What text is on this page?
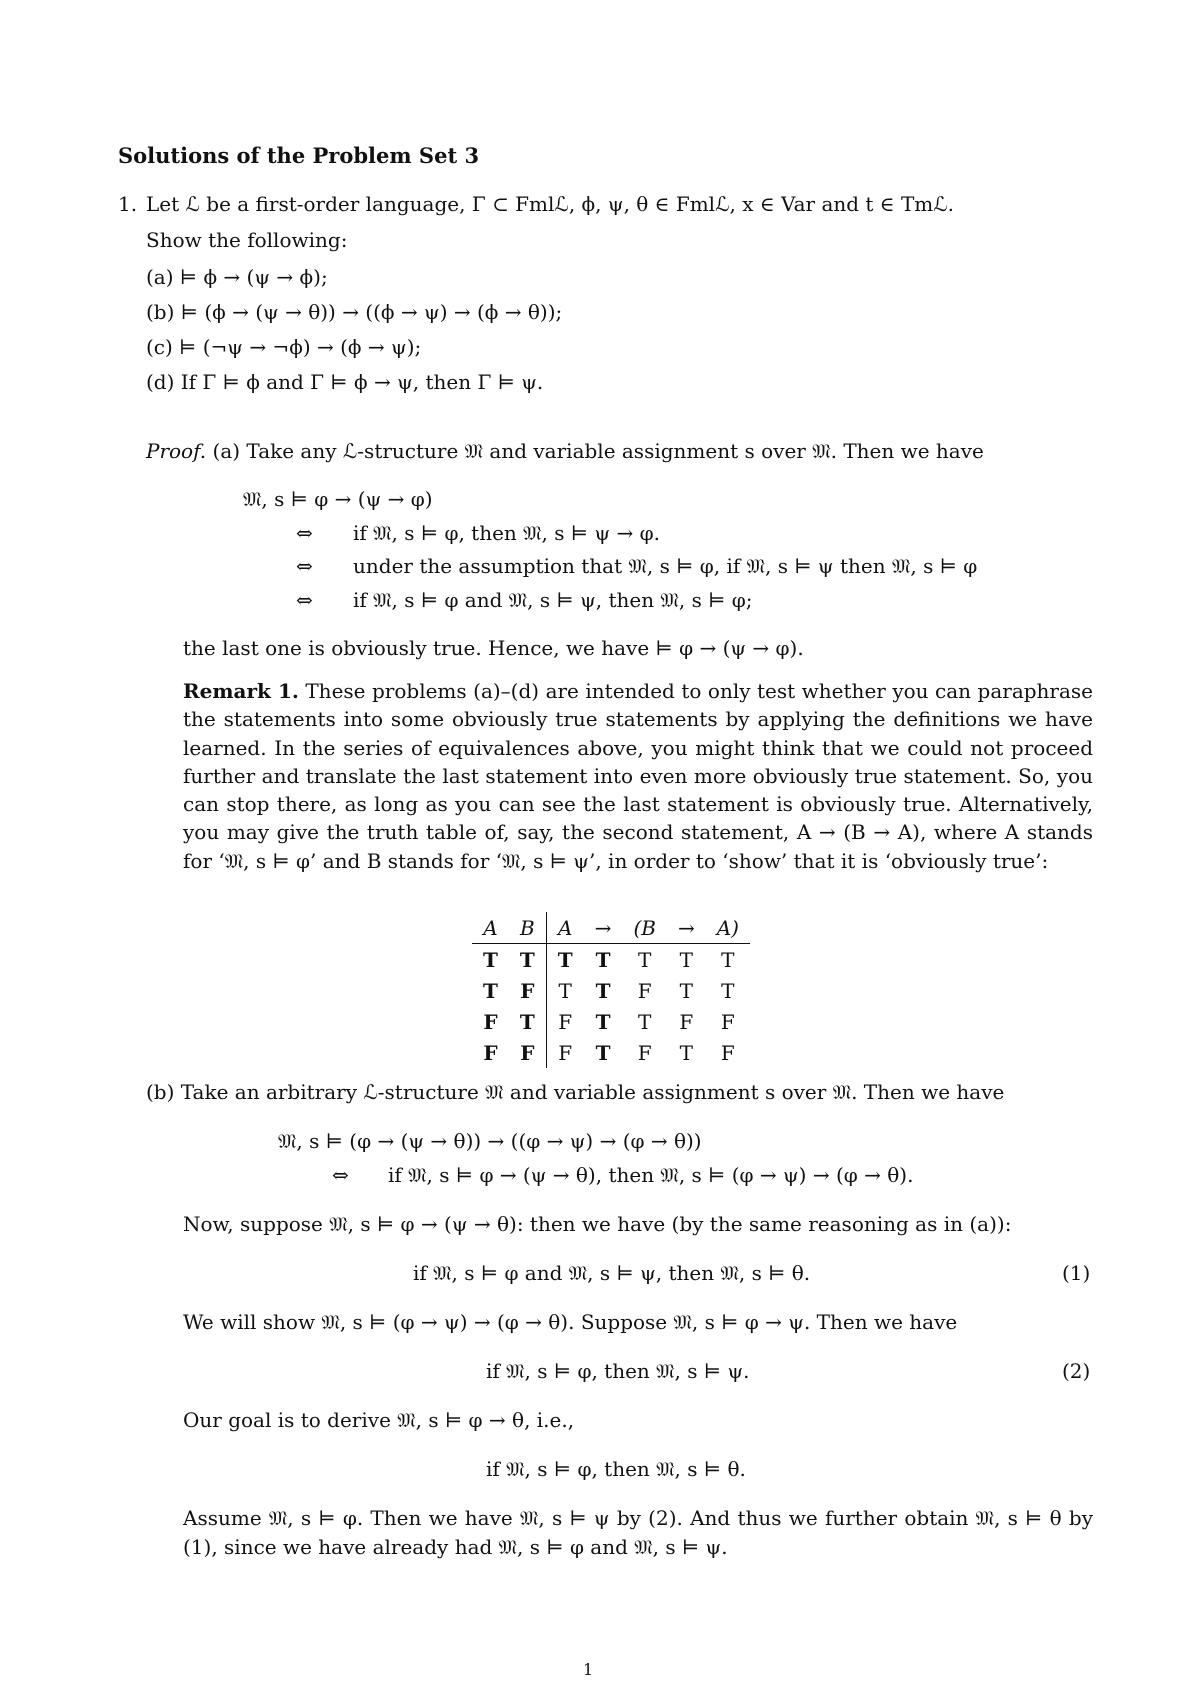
Solutions of the Problem Set 3
1. Let ℒ be a first-order language, Γ ⊂ Fmlℒ, ϕ, ψ, θ ∈ Fmlℒ, x ∈ Var and t ∈ Tmℒ.
Show the following:
(a) ⊨ ϕ → (ψ → ϕ);
(b) ⊨ (ϕ → (ψ → θ)) → ((ϕ → ψ) → (ϕ → θ));
(c) ⊨ (¬ψ → ¬ϕ) → (ϕ → ψ);
(d) If Γ ⊨ ϕ and Γ ⊨ ϕ → ψ, then Γ ⊨ ψ.
Proof. (a) Take any ℒ-structure 𝔐 and variable assignment s over 𝔐. Then we have
𝔐, s ⊨ φ → (ψ → φ)
⇔ if 𝔐, s ⊨ φ, then 𝔐, s ⊨ ψ → φ.
⇔ under the assumption that 𝔐, s ⊨ φ, if 𝔐, s ⊨ ψ then 𝔐, s ⊨ φ
⇔ if 𝔐, s ⊨ φ and 𝔐, s ⊨ ψ, then 𝔐, s ⊨ φ;
the last one is obviously true. Hence, we have ⊨ φ → (ψ → φ).
Remark 1. These problems (a)–(d) are intended to only test whether you can paraphrase the statements into some obviously true statements by applying the definitions we have learned. In the series of equivalences above, you might think that we could not proceed further and translate the last statement into even more obviously true statement. So, you can stop there, as long as you can see the last statement is obviously true. Alternatively, you may give the truth table of, say, the second statement, A → (B → A), where A stands for ‘𝔐, s ⊨ φ’ and B stands for ‘𝔐, s ⊨ ψ’, in order to ‘show’ that it is ‘obviously true’:
A	B	A	→	(B	→	A)
T	T	T	T	T	T	T
T	F	T	T	F	T	T
F	T	F	T	T	F	F
F	F	F	T	F	T	F
(b) Take an arbitrary ℒ-structure 𝔐 and variable assignment s over 𝔐. Then we have
𝔐, s ⊨ (φ → (ψ → θ)) → ((φ → ψ) → (φ → θ))
⇔ if 𝔐, s ⊨ φ → (ψ → θ), then 𝔐, s ⊨ (φ → ψ) → (φ → θ).
Now, suppose 𝔐, s ⊨ φ → (ψ → θ): then we have (by the same reasoning as in (a)):
if 𝔐, s ⊨ φ and 𝔐, s ⊨ ψ, then 𝔐, s ⊨ θ.	(1)
We will show 𝔐, s ⊨ (φ → ψ) → (φ → θ). Suppose 𝔐, s ⊨ φ → ψ. Then we have
if 𝔐, s ⊨ φ, then 𝔐, s ⊨ ψ.	(2)
Our goal is to derive 𝔐, s ⊨ φ → θ, i.e.,
if 𝔐, s ⊨ φ, then 𝔐, s ⊨ θ.
Assume 𝔐, s ⊨ φ. Then we have 𝔐, s ⊨ ψ by (2). And thus we further obtain 𝔐, s ⊨ θ by (1), since we have already had 𝔐, s ⊨ φ and 𝔐, s ⊨ ψ.
1
